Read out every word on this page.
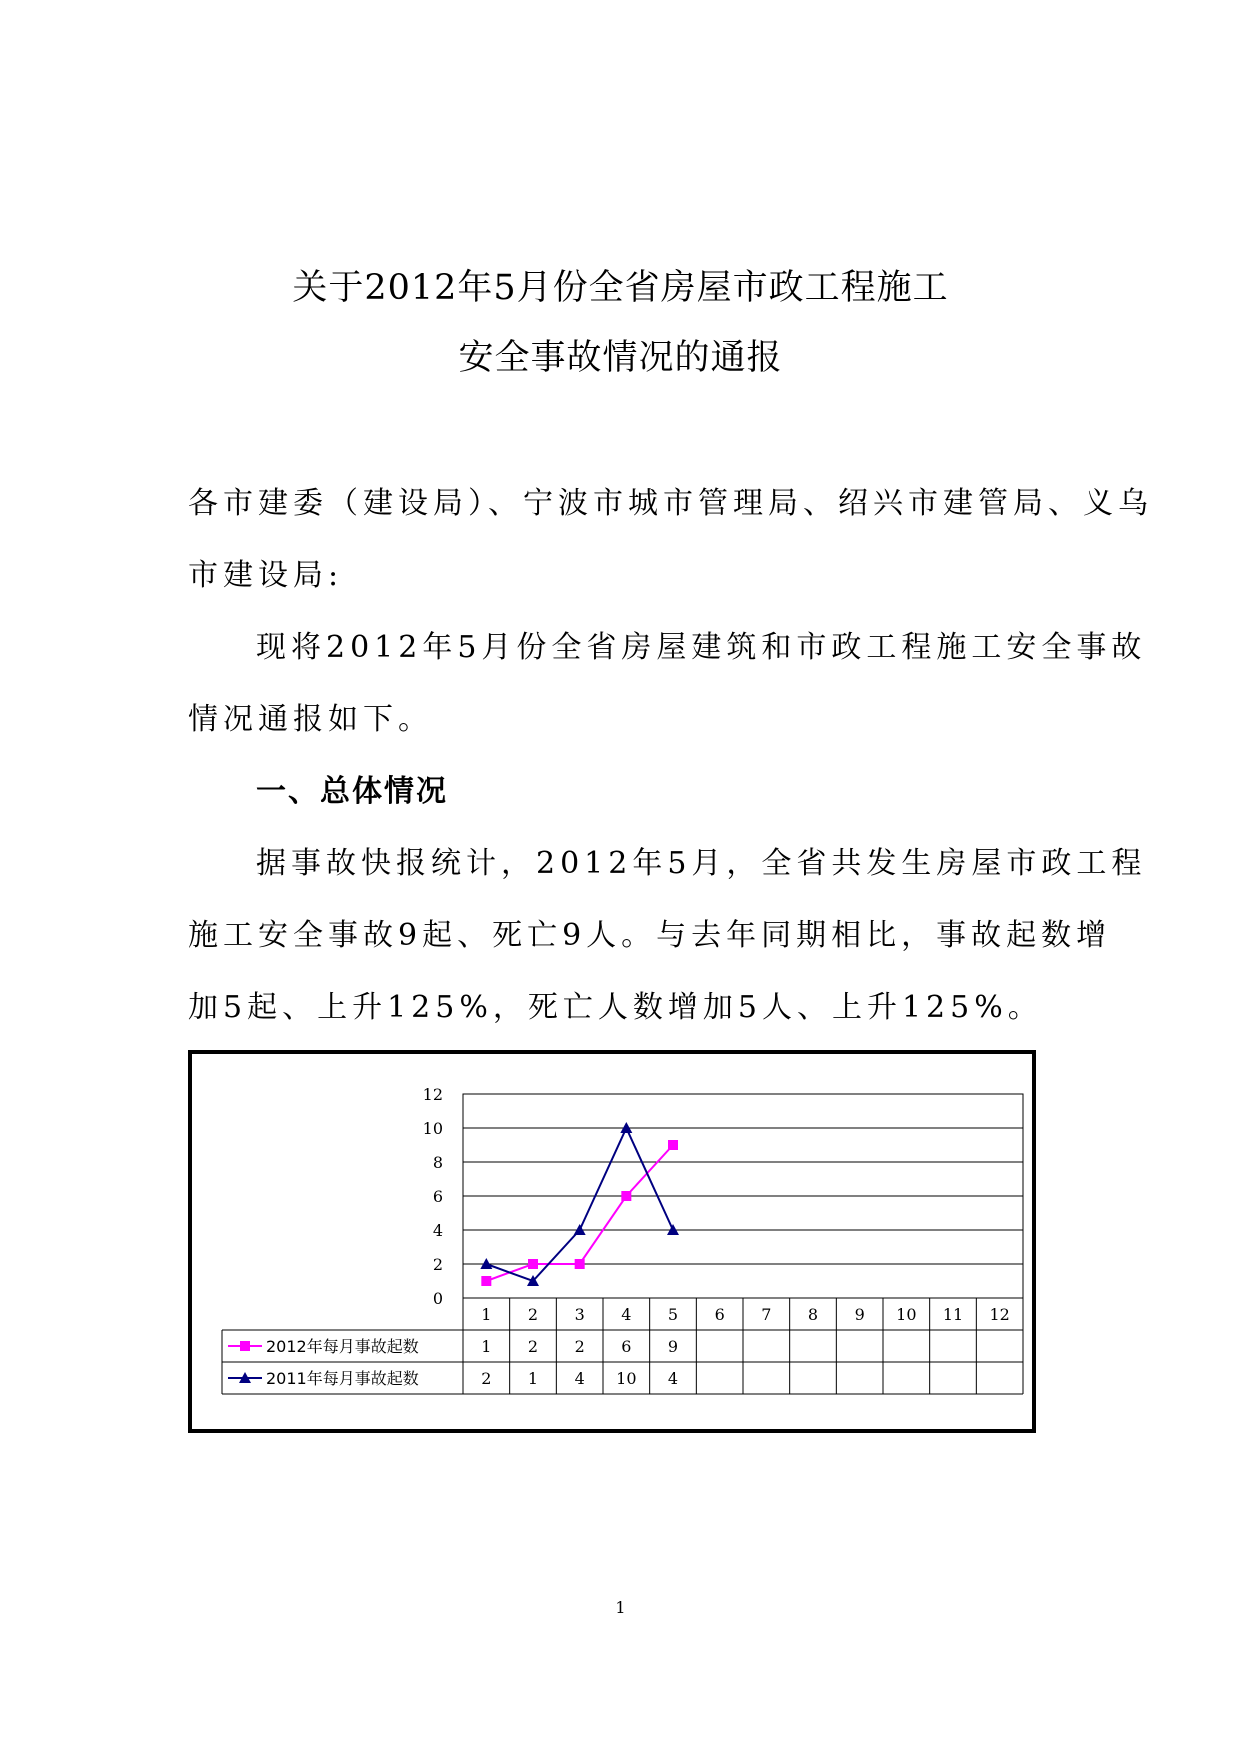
关于2012年5月份全省房屋市政工程施工
安全事故情况的通报
各市建委（建设局）、宁波市城市管理局、绍兴市建管局、义乌
市建设局:
现将2012年5月份全省房屋建筑和市政工程施工安全事故
情况通报如下。
一、总体情况
据事故快报统计，2012年5月，全省共发生房屋市政工程
施工安全事故9起、死亡9人。与去年同期相比，事故起数增
加5起、上升125%，死亡人数增加5人、上升125%。
0
2
4
6
8
10
12
1 2 3 4 5 6 7 8 9 10 11 12
2012年每月事故起数	1 2 2 6 9
2011年每月事故起数	2 1 4 10 4
1
